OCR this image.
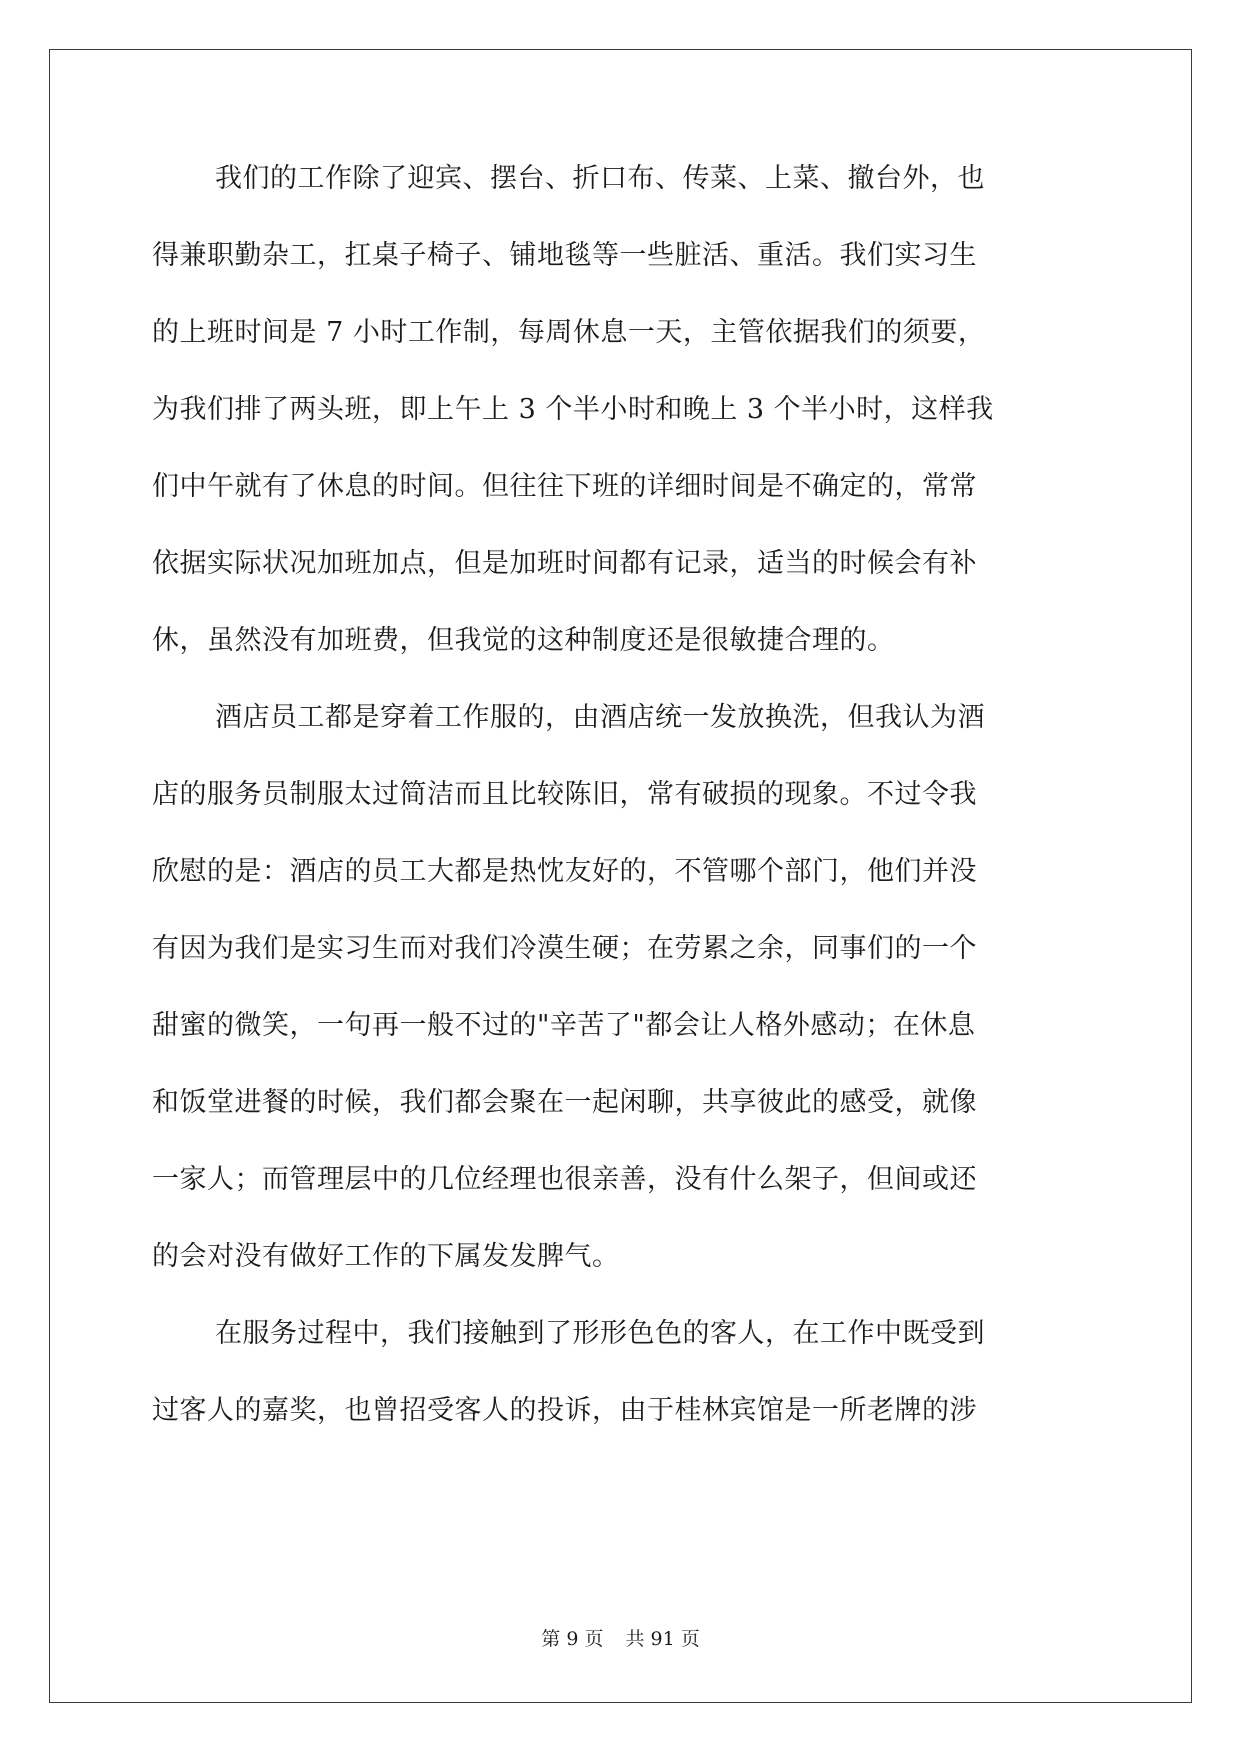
我们的工作除了迎宾、摆台、折口布、传菜、上菜、撤台外，也
得兼职勤杂工，扛桌子椅子、铺地毯等一些脏活、重活。我们实习生
的上班时间是 7 小时工作制，每周休息一天，主管依据我们的须要，
为我们排了两头班，即上午上 3 个半小时和晚上 3 个半小时，这样我
们中午就有了休息的时间。但往往下班的详细时间是不确定的，常常
依据实际状况加班加点，但是加班时间都有记录，适当的时候会有补
休，虽然没有加班费，但我觉的这种制度还是很敏捷合理的。
酒店员工都是穿着工作服的，由酒店统一发放换洗，但我认为酒
店的服务员制服太过简洁而且比较陈旧，常有破损的现象。不过令我
欣慰的是：酒店的员工大都是热忱友好的，不管哪个部门，他们并没
有因为我们是实习生而对我们冷漠生硬；在劳累之余，同事们的一个
甜蜜的微笑，一句再一般不过的"辛苦了"都会让人格外感动；在休息
和饭堂进餐的时候，我们都会聚在一起闲聊，共享彼此的感受，就像
一家人；而管理层中的几位经理也很亲善，没有什么架子，但间或还
的会对没有做好工作的下属发发脾气。
在服务过程中，我们接触到了形形色色的客人，在工作中既受到
过客人的嘉奖，也曾招受客人的投诉，由于桂林宾馆是一所老牌的涉
第 9 页 共 91 页
